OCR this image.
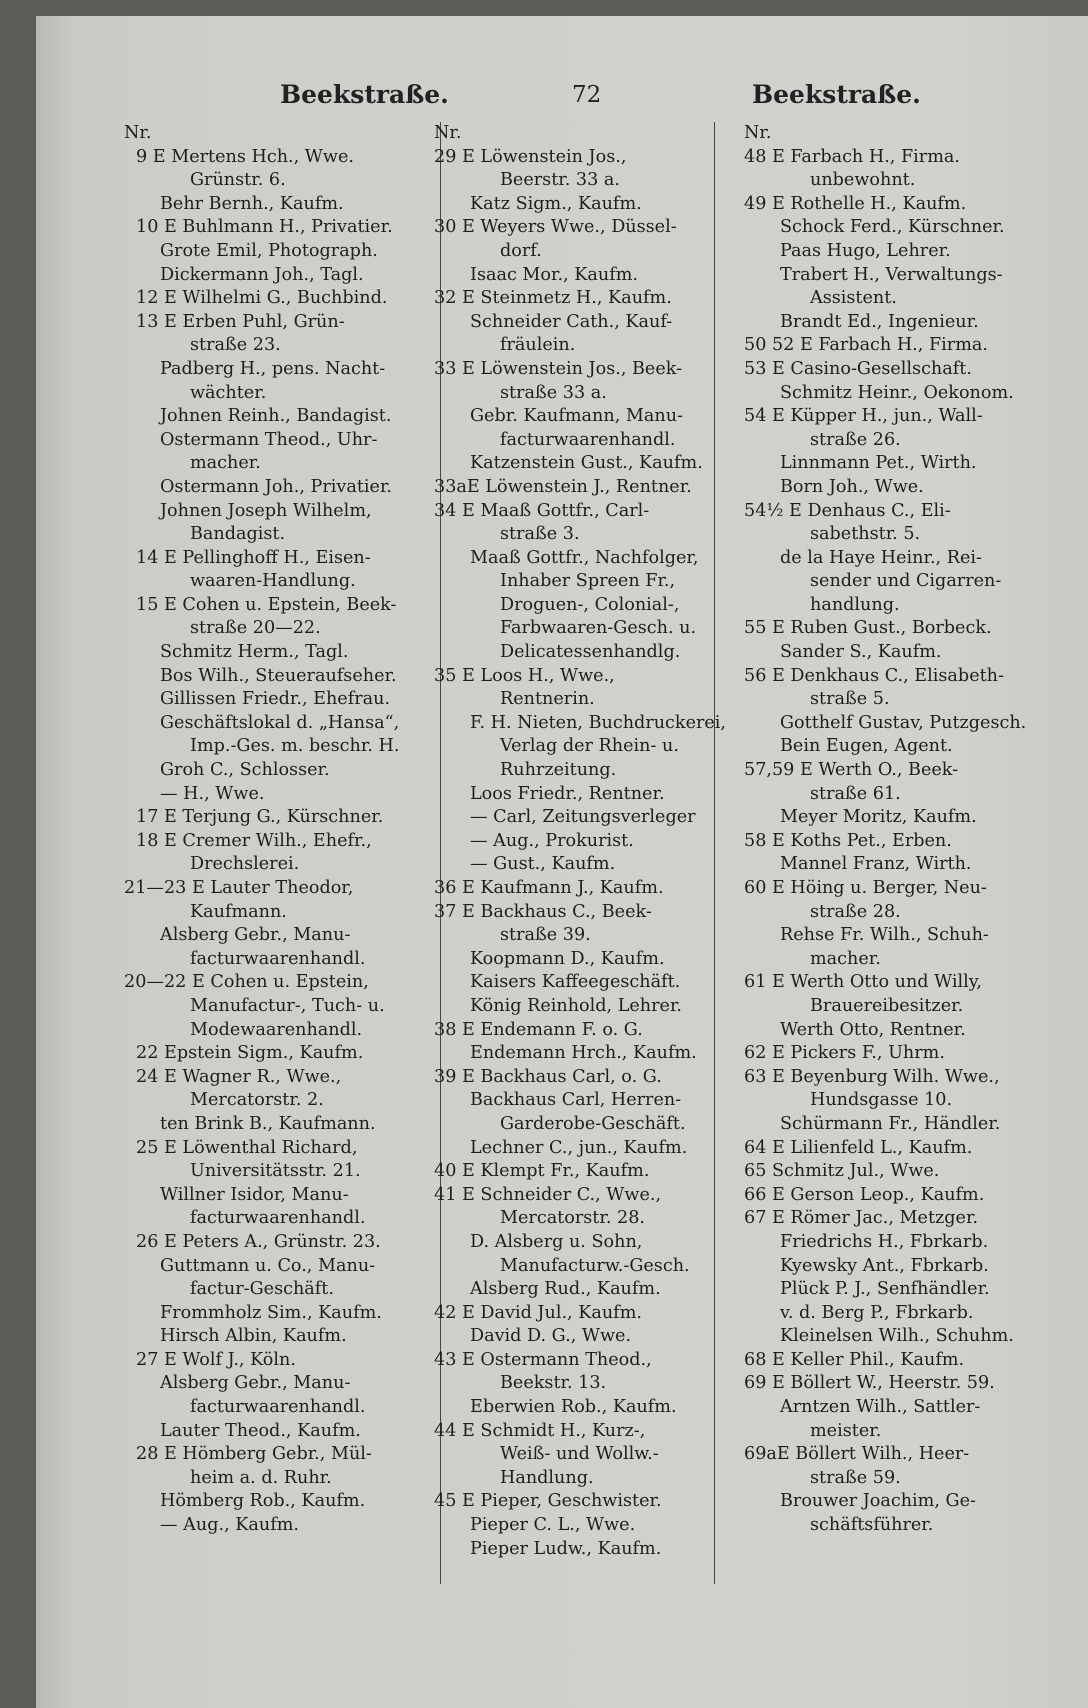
Beekstraße.	72	Beekstraße.
Nr.
9 E Mertens Hch., Wwe.
Grünstr. 6.
Behr Bernh., Kaufm.
10 E Buhlmann H., Privatier.
Grote Emil, Photograph.
Dickermann Joh., Tagl.
12 E Wilhelmi G., Buchbind.
13 E Erben Puhl, Grün-
straße 23.
Padberg H., pens. Nacht-
wächter.
Johnen Reinh., Bandagist.
Ostermann Theod., Uhr-
macher.
Ostermann Joh., Privatier.
Johnen Joseph Wilhelm,
Bandagist.
14 E Pellinghoff H., Eisen-
waaren-Handlung.
15 E Cohen u. Epstein, Beek-
straße 20—22.
Schmitz Herm., Tagl.
Bos Wilh., Steueraufseher.
Gillissen Friedr., Ehefrau.
Geschäftslokal d. „Hansa“,
Imp.-Ges. m. beschr. H.
Groh C., Schlosser.
— H., Wwe.
17 E Terjung G., Kürschner.
18 E Cremer Wilh., Ehefr.,
Drechslerei.
21—23 E Lauter Theodor,
Kaufmann.
Alsberg Gebr., Manu-
facturwaarenhandl.
20—22 E Cohen u. Epstein,
Manufactur-, Tuch- u.
Modewaarenhandl.
22 Epstein Sigm., Kaufm.
24 E Wagner R., Wwe.,
Mercatorstr. 2.
ten Brink B., Kaufmann.
25 E Löwenthal Richard,
Universitätsstr. 21.
Willner Isidor, Manu-
facturwaarenhandl.
26 E Peters A., Grünstr. 23.
Guttmann u. Co., Manu-
factur-Geschäft.
Frommholz Sim., Kaufm.
Hirsch Albin, Kaufm.
27 E Wolf J., Köln.
Alsberg Gebr., Manu-
facturwaarenhandl.
Lauter Theod., Kaufm.
28 E Hömberg Gebr., Mül-
heim a. d. Ruhr.
Hömberg Rob., Kaufm.
— Aug., Kaufm.
Nr.
29 E Löwenstein Jos.,
Beerstr. 33 a.
Katz Sigm., Kaufm.
30 E Weyers Wwe., Düssel-
dorf.
Isaac Mor., Kaufm.
32 E Steinmetz H., Kaufm.
Schneider Cath., Kauf-
fräulein.
33 E Löwenstein Jos., Beek-
straße 33 a.
Gebr. Kaufmann, Manu-
facturwaarenhandl.
Katzenstein Gust., Kaufm.
33aE Löwenstein J., Rentner.
34 E Maaß Gottfr., Carl-
straße 3.
Maaß Gottfr., Nachfolger,
Inhaber Spreen Fr.,
Droguen-, Colonial-,
Farbwaaren-Gesch. u.
Delicatessenhandlg.
35 E Loos H., Wwe.,
Rentnerin.
F. H. Nieten, Buchdruckerei,
Verlag der Rhein- u.
Ruhrzeitung.
Loos Friedr., Rentner.
— Carl, Zeitungsverleger
— Aug., Prokurist.
— Gust., Kaufm.
36 E Kaufmann J., Kaufm.
37 E Backhaus C., Beek-
straße 39.
Koopmann D., Kaufm.
Kaisers Kaffeegeschäft.
König Reinhold, Lehrer.
38 E Endemann F. o. G.
Endemann Hrch., Kaufm.
39 E Backhaus Carl, o. G.
Backhaus Carl, Herren-
Garderobe-Geschäft.
Lechner C., jun., Kaufm.
40 E Klempt Fr., Kaufm.
41 E Schneider C., Wwe.,
Mercatorstr. 28.
D. Alsberg u. Sohn,
Manufacturw.-Gesch.
Alsberg Rud., Kaufm.
42 E David Jul., Kaufm.
David D. G., Wwe.
43 E Ostermann Theod.,
Beekstr. 13.
Eberwien Rob., Kaufm.
44 E Schmidt H., Kurz-,
Weiß- und Wollw.-
Handlung.
45 E Pieper, Geschwister.
Pieper C. L., Wwe.
Pieper Ludw., Kaufm.
Nr.
48 E Farbach H., Firma.
unbewohnt.
49 E Rothelle H., Kaufm.
Schock Ferd., Kürschner.
Paas Hugo, Lehrer.
Trabert H., Verwaltungs-
Assistent.
Brandt Ed., Ingenieur.
50 52 E Farbach H., Firma.
53 E Casino-Gesellschaft.
Schmitz Heinr., Oekonom.
54 E Küpper H., jun., Wall-
straße 26.
Linnmann Pet., Wirth.
Born Joh., Wwe.
54½ E Denhaus C., Eli-
sabethstr. 5.
de la Haye Heinr., Rei-
sender und Cigarren-
handlung.
55 E Ruben Gust., Borbeck.
Sander S., Kaufm.
56 E Denkhaus C., Elisabeth-
straße 5.
Gotthelf Gustav, Putzgesch.
Bein Eugen, Agent.
57,59 E Werth O., Beek-
straße 61.
Meyer Moritz, Kaufm.
58 E Koths Pet., Erben.
Mannel Franz, Wirth.
60 E Höing u. Berger, Neu-
straße 28.
Rehse Fr. Wilh., Schuh-
macher.
61 E Werth Otto und Willy,
Brauereibesitzer.
Werth Otto, Rentner.
62 E Pickers F., Uhrm.
63 E Beyenburg Wilh. Wwe.,
Hundsgasse 10.
Schürmann Fr., Händler.
64 E Lilienfeld L., Kaufm.
65 Schmitz Jul., Wwe.
66 E Gerson Leop., Kaufm.
67 E Römer Jac., Metzger.
Friedrichs H., Fbrkarb.
Kyewsky Ant., Fbrkarb.
Plück P. J., Senfhändler.
v. d. Berg P., Fbrkarb.
Kleinelsen Wilh., Schuhm.
68 E Keller Phil., Kaufm.
69 E Böllert W., Heerstr. 59.
Arntzen Wilh., Sattler-
meister.
69aE Böllert Wilh., Heer-
straße 59.
Brouwer Joachim, Ge-
schäftsführer.
